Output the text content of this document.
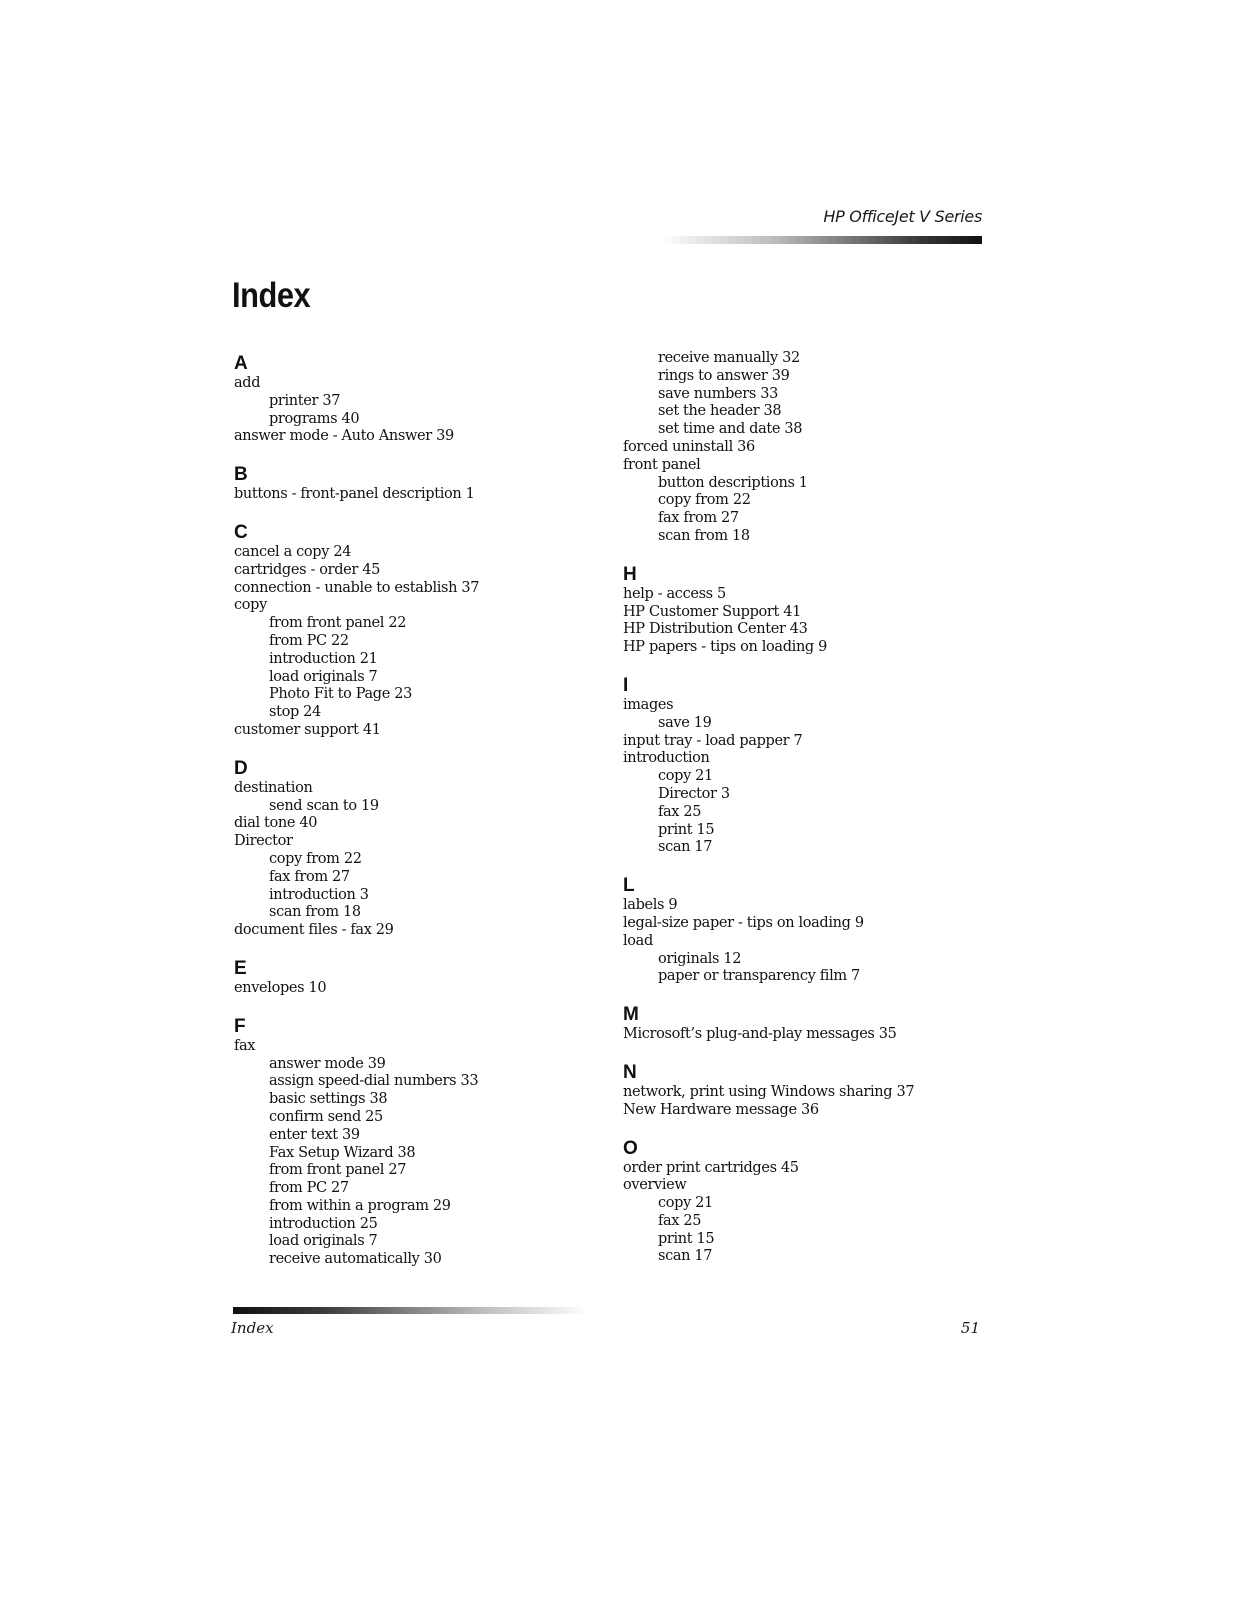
HP OfficeJet V Series
Index
A
add
printer 37
programs 40
answer mode - Auto Answer 39
B
buttons - front-panel description 1
C
cancel a copy 24
cartridges - order 45
connection - unable to establish 37
copy
from front panel 22
from PC 22
introduction 21
load originals 7
Photo Fit to Page 23
stop 24
customer support 41
D
destination
send scan to 19
dial tone 40
Director
copy from 22
fax from 27
introduction 3
scan from 18
document files - fax 29
E
envelopes 10
F
fax
answer mode 39
assign speed-dial numbers 33
basic settings 38
confirm send 25
enter text 39
Fax Setup Wizard 38
from front panel 27
from PC 27
from within a program 29
introduction 25
load originals 7
receive automatically 30
receive manually 32
rings to answer 39
save numbers 33
set the header 38
set time and date 38
forced uninstall 36
front panel
button descriptions 1
copy from 22
fax from 27
scan from 18
H
help - access 5
HP Customer Support 41
HP Distribution Center 43
HP papers - tips on loading 9
I
images
save 19
input tray - load papper 7
introduction
copy 21
Director 3
fax 25
print 15
scan 17
L
labels 9
legal-size paper - tips on loading 9
load
originals 12
paper or transparency film 7
M
Microsoft’s plug-and-play messages 35
N
network, print using Windows sharing 37
New Hardware message 36
O
order print cartridges 45
overview
copy 21
fax 25
print 15
scan 17
Index	51
